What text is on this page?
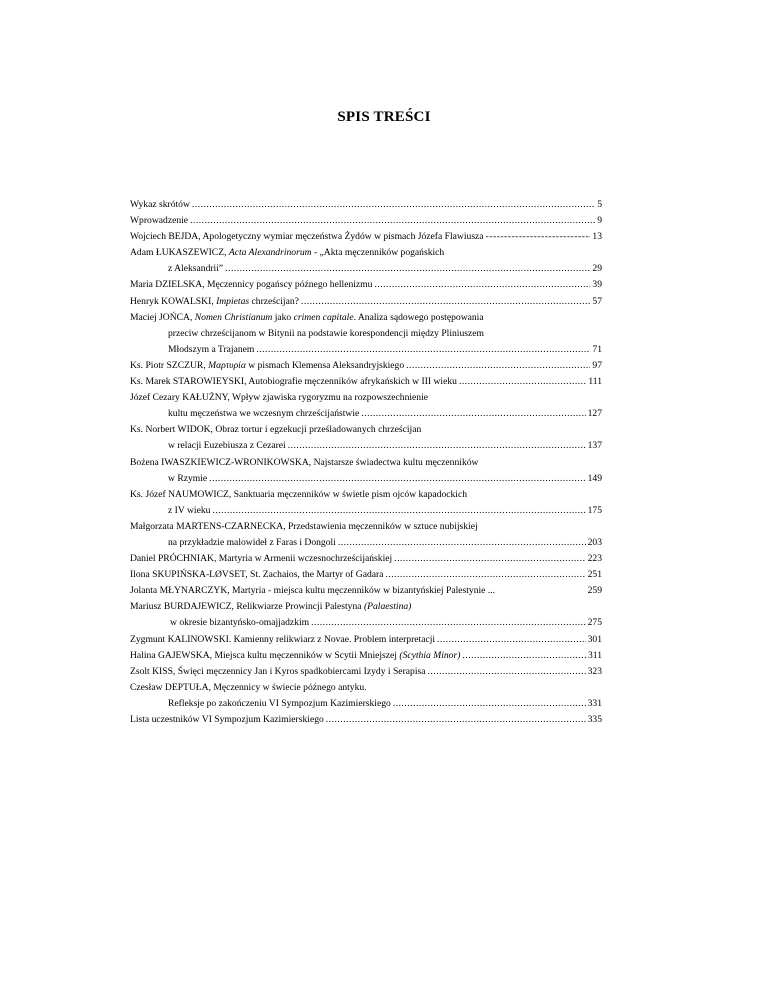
SPIS TREŚCI
Wykaz skrótów .....	5
Wprowadzenie .....	9
Wojciech BEJDA, Apologetyczny wymiar męczeństwa Żydów w pismach Józefa Flawiusza -----	13
Adam ŁUKASZEWICZ, Acta Alexandrinorum - „Akta męczenników pogańskich
z Aleksandrii” .....	29
Maria DZIELSKA, Męczennicy pogańscy późnego hellenizmu .....	39
Henryk KOWALSKI, Impietas chrześcijan? .....	57
Maciej JOŃCA, Nomen Christianum jako crimen capitale. Analiza sądowego postępowania
przeciw chrześcijanom w Bitynii na podstawie korespondencji między Pliniuszem
Młodszym a Trajanem .....	71
Ks. Piotr SZCZUR, Μαρτυρία w pismach Klemensa Aleksandryjskiego .....	97
Ks. Marek STAROWIEYSKI, Autobiografie męczenników afrykańskich w III wieku .....	111
Józef Cezary KAŁUŻNY, Wpływ zjawiska rygoryzmu na rozpowszechnienie
kultu męczeństwa we wczesnym chrześcijaństwie .....	127
Ks. Norbert WIDOK, Obraz tortur i egzekucji prześladowanych chrześcijan
w relacji Euzebiusza z Cezarei .....	137
Bożena IWASZKIEWICZ-WRONIKOWSKA, Najstarsze świadectwa kultu męczenników
w Rzymie .....	149
Ks. Józef NAUMOWICZ, Sanktuaria męczenników w świetle pism ojców kapadockich
z IV wieku .....	175
Małgorzata MARTENS-CZARNECKA, Przedstawienia męczenników w sztuce nubijskiej
na przykładzie malowideł z Faras i Dongoli .....	203
Daniel PRÓCHNIAK, Martyria w Armenii wczesnochrześcijańskiej .....	223
Ilona SKUPIŃSKA-LØVSET, St. Zachaios, the Martyr of Gadara .....	251
Jolanta MŁYNARCZYK, Martyria - miejsca kultu męczenników w bizantyńskiej Palestynie ...	259
Mariusz BURDAJEWICZ, Relikwiarze Prowincji Palestyna (Palaestina)
w okresie bizantyńsko-omajjadzkim .....	275
Zygmunt KALINOWSKI. Kamienny relikwiarz z Novae. Problem interpretacji .....	301
Halina GAJEWSKA, Miejsca kultu męczenników w Scytii Mniejszej (Scythia Minor) .....	311
Zsolt KISS, Święci męczennicy Jan i Kyros spadkobiercami Izydy i Serapisa .....	323
Czesław DEPTUŁA, Męczennicy w świecie późnego antyku.
Refleksje po zakończeniu VI Sympozjum Kazimierskiego .....	331
Lista uczestników VI Sympozjum Kazimierskiego .....	335
